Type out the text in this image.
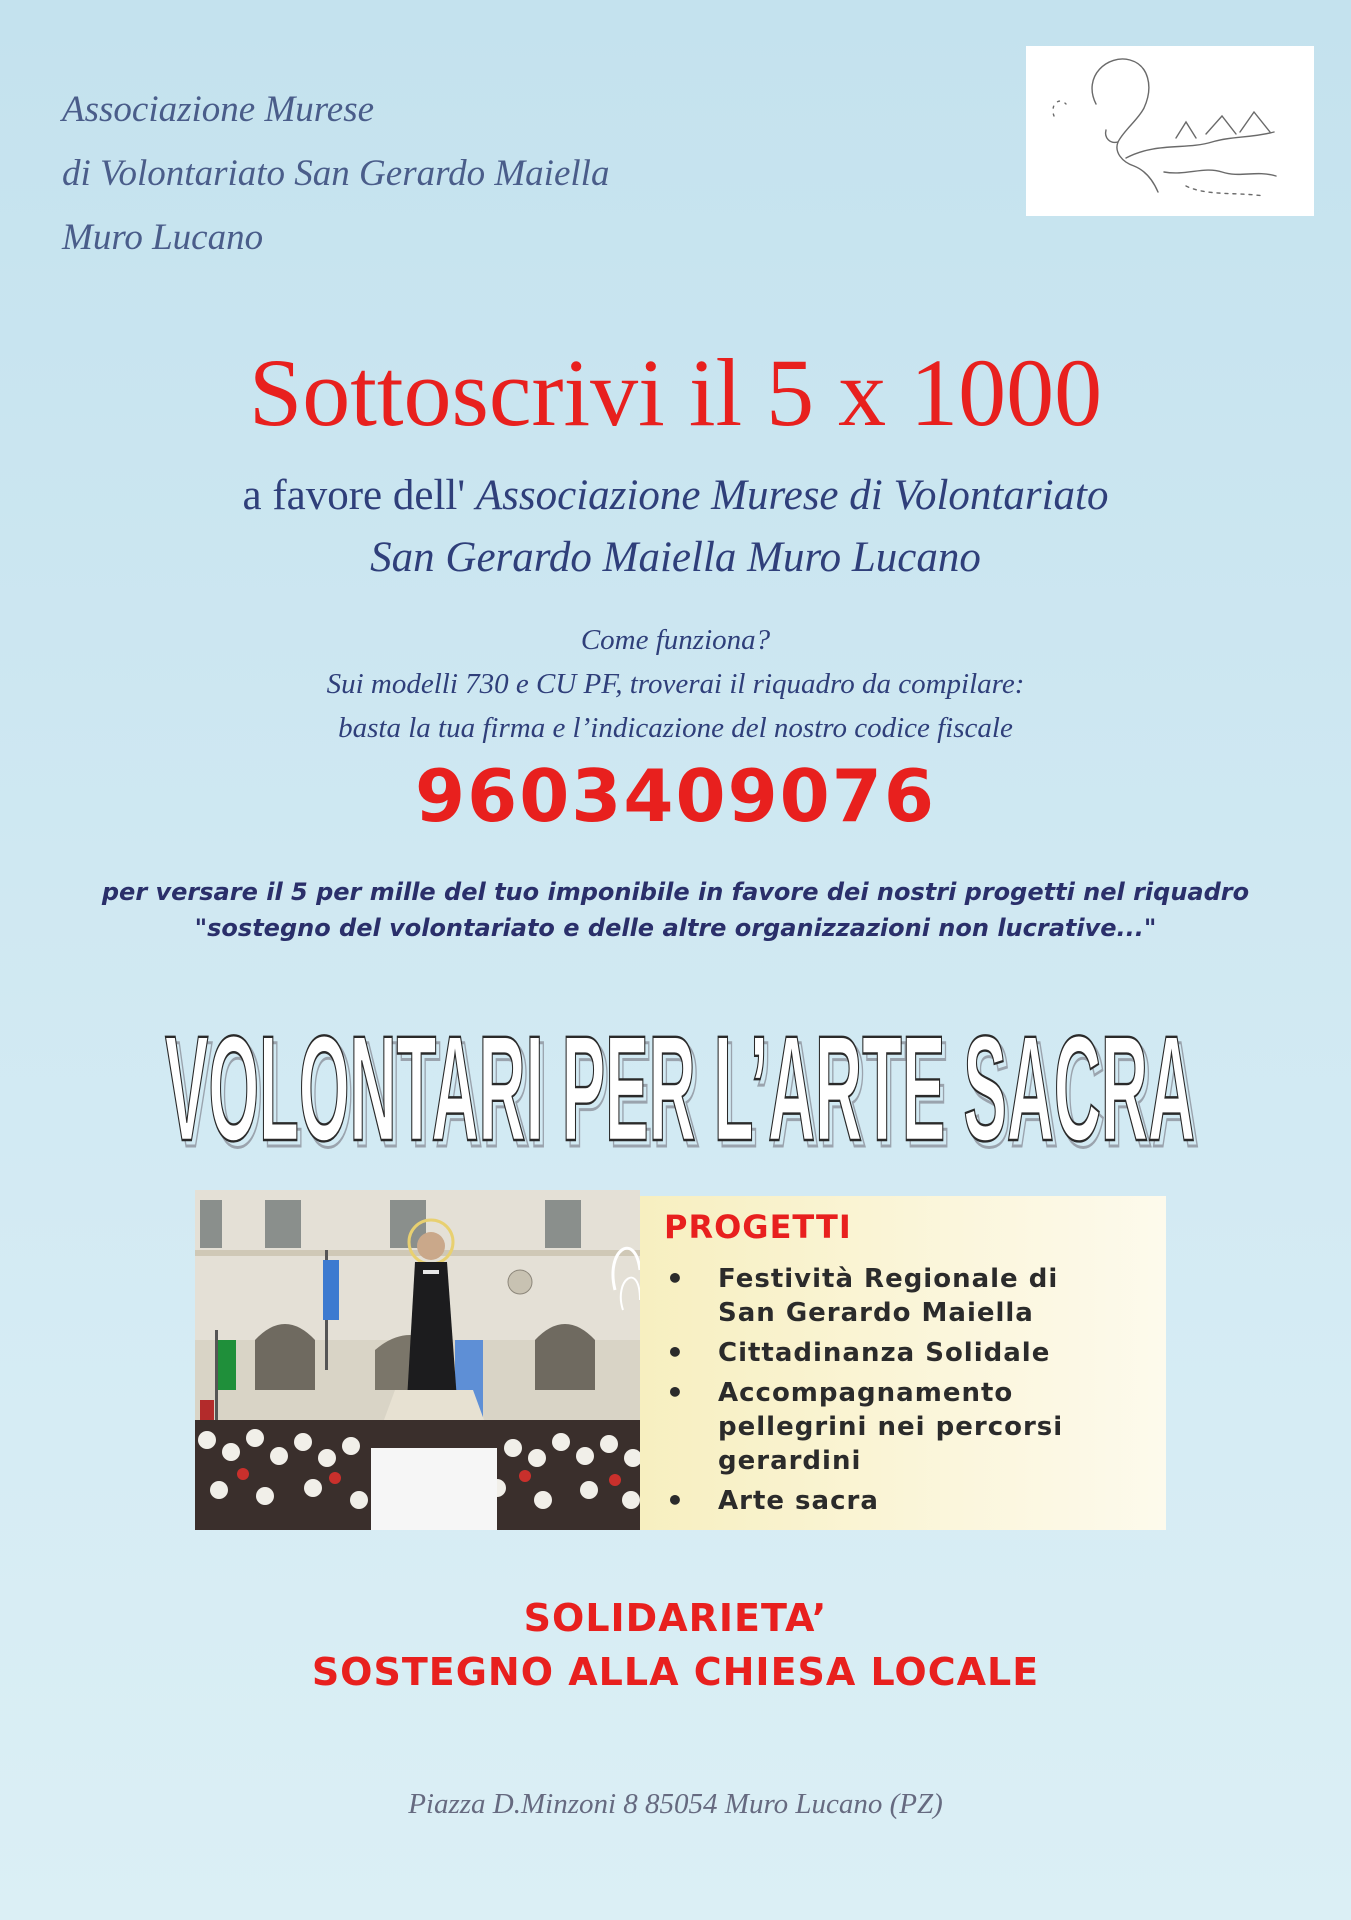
Associazione Murese
di Volontariato San Gerardo Maiella
Muro Lucano
Sottoscrivi il 5 x 1000
a favore dell' Associazione Murese di Volontariato
San Gerardo Maiella Muro Lucano
Come funziona?
Sui modelli 730 e CU PF, troverai il riquadro da compilare:
basta la tua firma e l’indicazione del nostro codice fiscale
9603409076
per versare il 5 per mille del tuo imponibile in favore dei nostri progetti nel riquadro
"sostegno del volontariato e delle altre organizzazioni non lucrative..."
VOLONTARI PER L’ARTE SACRA
VOLONTARI PER L’ARTE SACRA
PROGETTI
• Festività Regionale di
San Gerardo Maiella
• Cittadinanza Solidale
• Accompagnamento
pellegrini nei percorsi gerardini
• Arte sacra
SOLIDARIETA’
SOSTEGNO ALLA CHIESA LOCALE
Piazza D.Minzoni 8 85054 Muro Lucano (PZ)
